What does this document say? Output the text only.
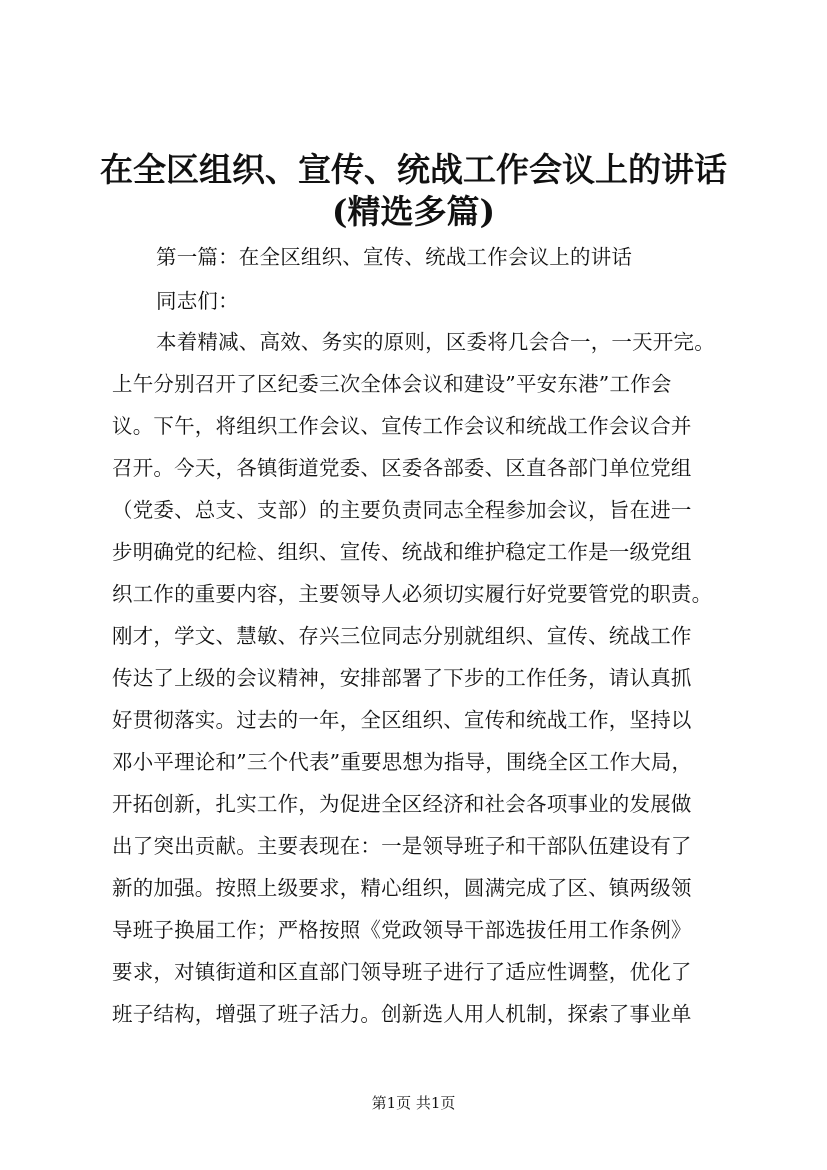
在全区组织、宣传、统战工作会议上的讲话
(精选多篇)
第一篇：在全区组织、宣传、统战工作会议上的讲话
同志们：
本着精减、高效、务实的原则，区委将几会合一，一天开完。
上午分别召开了区纪委三次全体会议和建设”平安东港”工作会
议。下午，将组织工作会议、宣传工作会议和统战工作会议合并
召开。今天，各镇街道党委、区委各部委、区直各部门单位党组
（党委、总支、支部）的主要负责同志全程参加会议，旨在进一
步明确党的纪检、组织、宣传、统战和维护稳定工作是一级党组
织工作的重要内容，主要领导人必须切实履行好党要管党的职责。
刚才，学文、慧敏、存兴三位同志分别就组织、宣传、统战工作
传达了上级的会议精神，安排部署了下步的工作任务，请认真抓
好贯彻落实。过去的一年，全区组织、宣传和统战工作，坚持以
邓小平理论和”三个代表”重要思想为指导，围绕全区工作大局，
开拓创新，扎实工作，为促进全区经济和社会各项事业的发展做
出了突出贡献。主要表现在：一是领导班子和干部队伍建设有了
新的加强。按照上级要求，精心组织，圆满完成了区、镇两级领
导班子换届工作；严格按照《党政领导干部选拔任用工作条例》
要求，对镇街道和区直部门领导班子进行了适应性调整，优化了
班子结构，增强了班子活力。创新选人用人机制，探索了事业单
第1页 共1页
